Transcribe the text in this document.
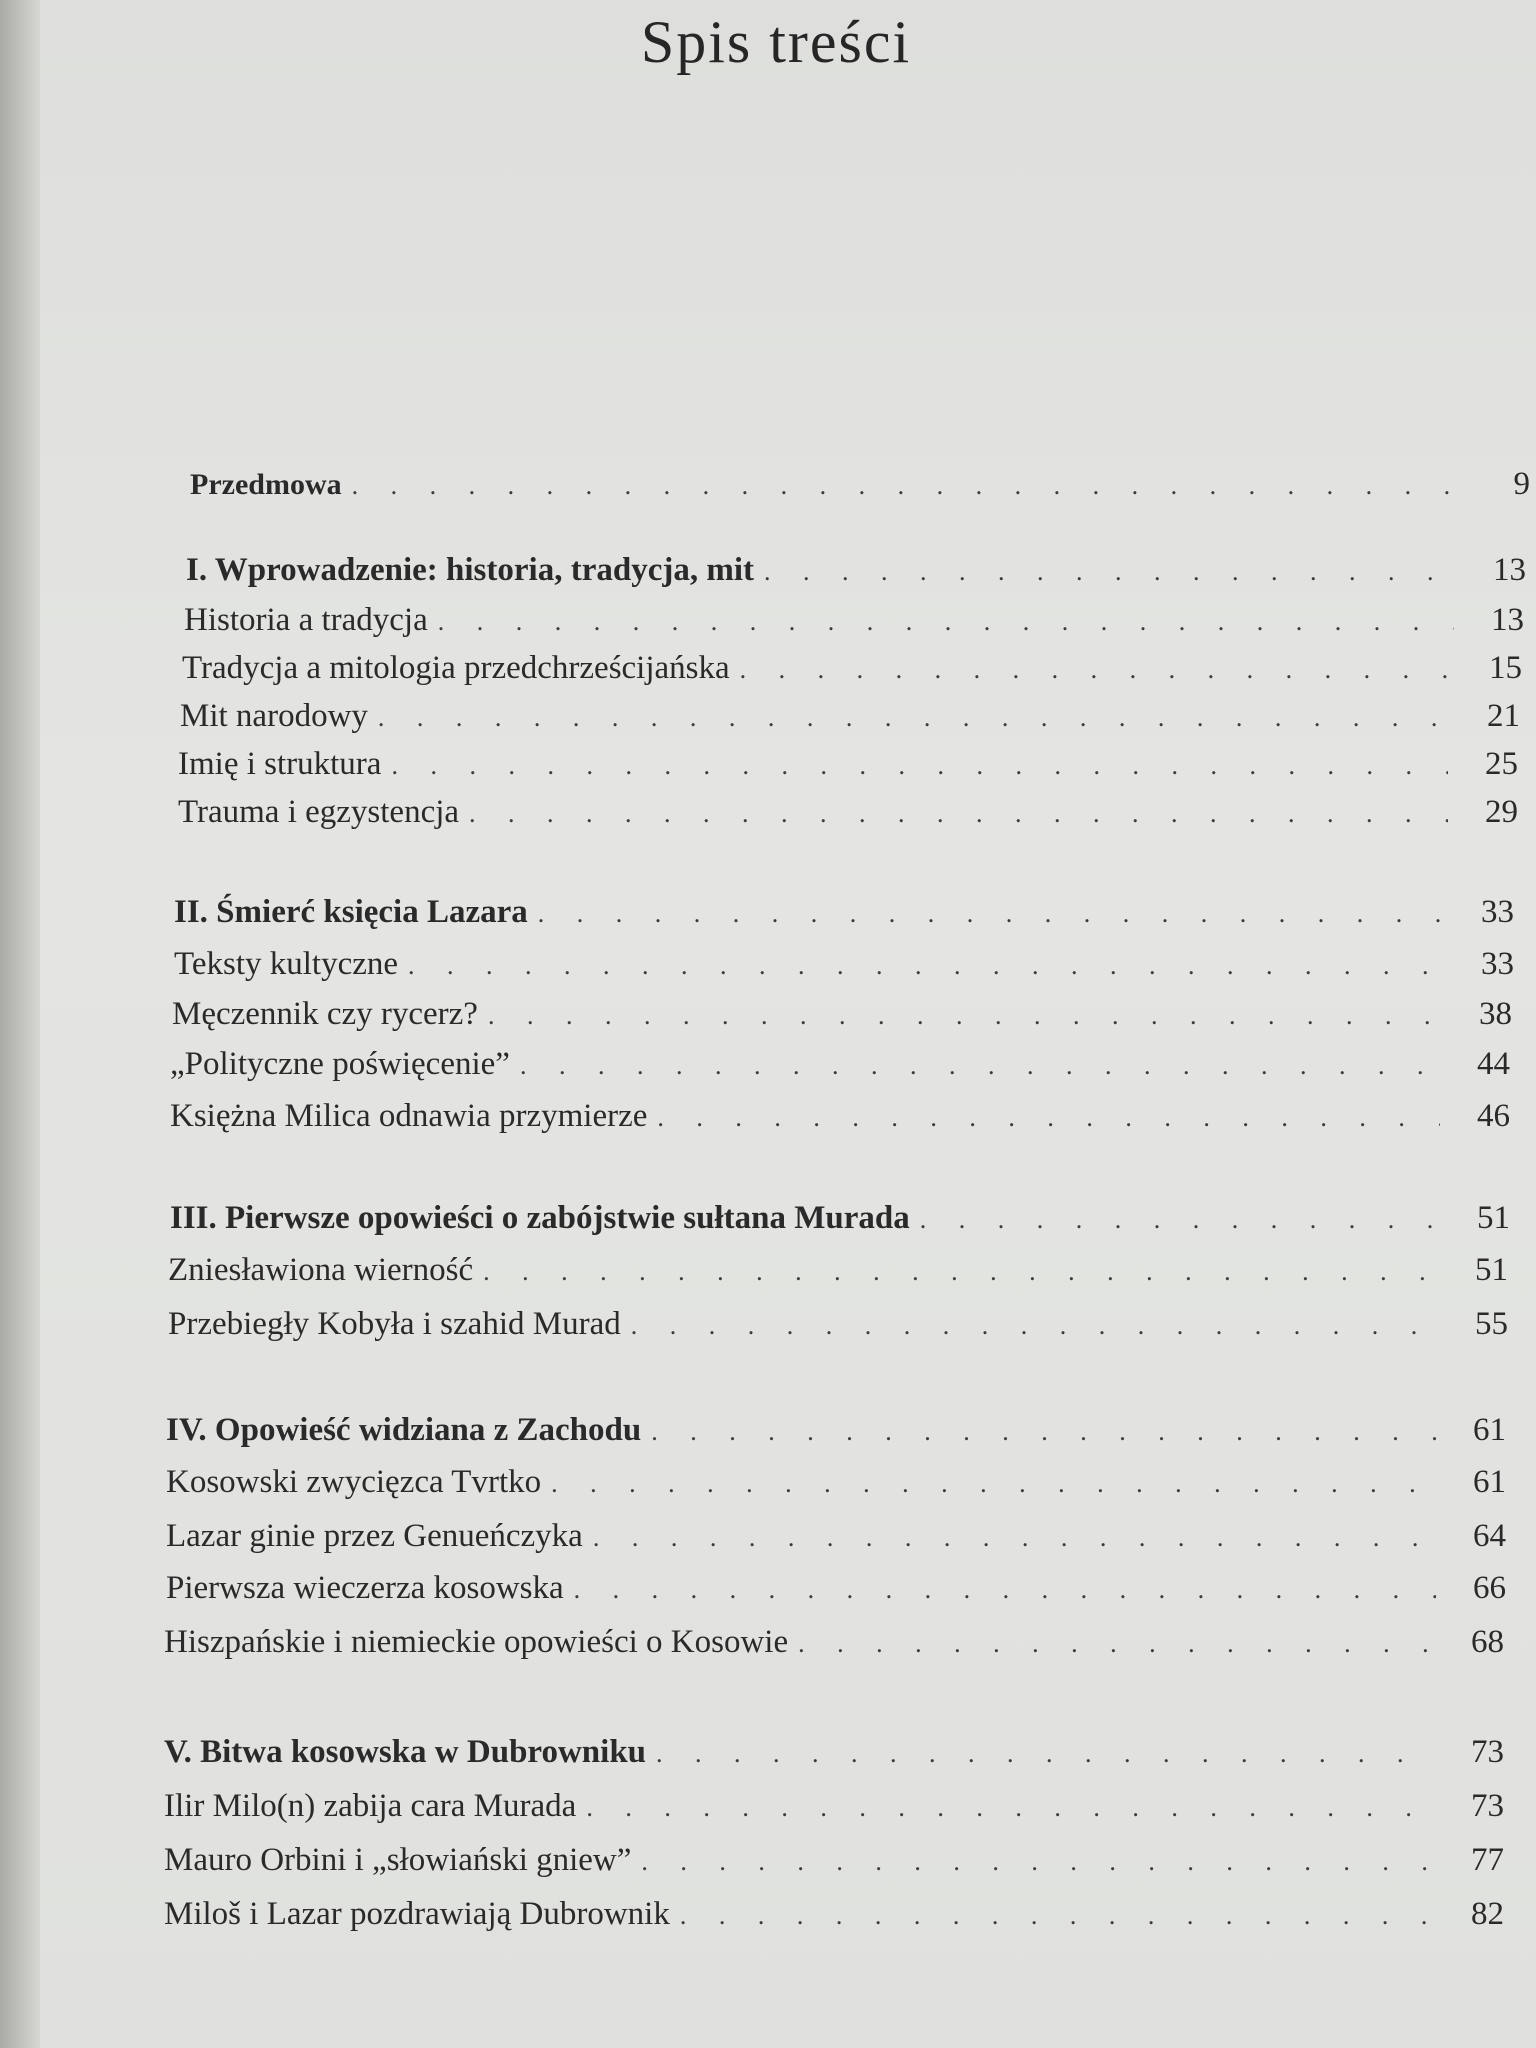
Spis treści
Przedmowa . . .	9
I. Wprowadzenie: historia, tradycja, mit . . .	13
Historia a tradycja . . .	13
Tradycja a mitologia przedchrześcijańska . . .	15
Mit narodowy . . .	21
Imię i struktura . . .	25
Trauma i egzystencja . . .	29
II. Śmierć księcia Lazara . . .	33
Teksty kultyczne . . .	33
Męczennik czy rycerz? . . .	38
„Polityczne poświęcenie” . . .	44
Księżna Milica odnawia przymierze . . .	46
III. Pierwsze opowieści o zabójstwie sułtana Murada . . .	51
Zniesławiona wierność . . .	51
Przebiegły Kobyła i szahid Murad . . .	55
IV. Opowieść widziana z Zachodu . . .	61
Kosowski zwycięzca Tvrtko . . .	61
Lazar ginie przez Genueńczyka . . .	64
Pierwsza wieczerza kosowska . . .	66
Hiszpańskie i niemieckie opowieści o Kosowie . . .	68
V. Bitwa kosowska w Dubrowniku . . .	73
Ilir Milo(n) zabija cara Murada . . .	73
Mauro Orbini i „słowiański gniew” . . .	77
Miloš i Lazar pozdrawiają Dubrownik . . .	82
